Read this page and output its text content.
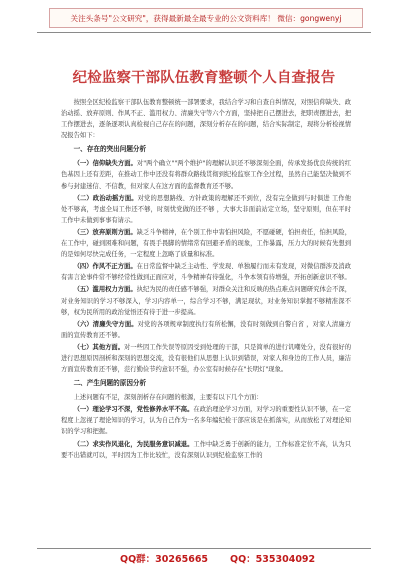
关注头条号"公文研究"，获得最新最全最专业的公文资料库！ 微信：gongwenyj
纪检监察干部队伍教育整顿个人自查报告

按照全区纪检监察干部队伍教育整顿统一部署要求，我结合学习和自查自纠情况，对照信仰缺失、政治动摇、放弃原则、作风不正、滥用权力、清廉失守等六个方面，坚持把自己摆进去，把职责摆进去，把工作摆进去，逐条逐项认真检视自己存在的问题，深刻分析存在的问题，结合实际制定，现将分析检视情况报告如下：

一、存在的突出问题分析

（一）信仰缺失方面。对"两个确立""两个维护"的理解认识还不够深刻全面，传承发扬优良传统的红色基因上还有差距，在推动工作中还没有将群众路线贯彻到纪检监察工作全过程，虽然自己能坚决做到不参与封建迷信、不信教，但对家人在这方面的监督教育还不够。

（二）政治动摇方面。对党的思想路线、方针政策的理解还不到位，没有完全做到与时俱进 工作他处不够高，考虑全局工作还不够，时刻忧党做的还不够 ，大事大非面前站定立场，坚守原则，但在平时工作中未做到事事有请示。

（三）放弃原则方面。缺乏斗争精神，在个别工作中害怕担风险，不愿碰硬，怕担责任，怕担风险，在工作中，碰到困难和问题，有畏手畏脚的情绪常有回避矛盾的现象，工作暴露，压力大的时候有先想到的是如何尽快完成任务，一定程度上忽略了质量和标准。

（四）作风不正方面。在日常监督中缺乏主动性、学发现、单独履行而未有发现，对微信群涉及消政有害言论事件常不够经常性做到正面应对，斗争精神有待强化，斗争本领有待增强，开拓创新意识不够。

（五）滥用权力方面。执纪为民的责任感不够强，对群众关注和反映的热点难点问题研究体会不深， 对业务知识的学习不够深入，学习内容单一，综合学习不够，满足现状，对业务知识掌握不够精准深不够，权为民所用的政治觉悟还有待于进一步提高。

（六）清廉失守方面。对党的各项规章制度执行有所松懈，没有时刻做到自警自省 ，对家人清廉方面的宣传教育还不够。

（七）其他方面。对一些因工作失误等原因受到处理的干部，只是简单的进行讥嘲处分，没有很好的进行思想原因剖析和深刻的思想交流，没有很他们从思想上认识到错误，对家人和身边的工作人员，廉洁方面宣传教育还不够，范行勤俭节约意识不强，办公室有时候存在"长明灯"现象。

二、产生问题的原因分析

上述问题有不足，深刻剖析存在问题的根源，主要有以下几个方面：

（一）理论学习不深，党性修养水平不高。在政治理论学习方面，对学习的重要性认识不够，在一定程度上忽视了理论知识的学习，认为自己作为一名多年编纪检干部应该是在抓落实，从而放松了对理论知识的学习和把握。

（二）求实作风退化，为民服务意识减退。工作中缺乏勇于创新的能力，工作标准定位不高，认为只要不出错就可以，平时因为工作比较忙，没有深刻认识到纪检监察工作的

QQ群：30265665 QQ：535304092
